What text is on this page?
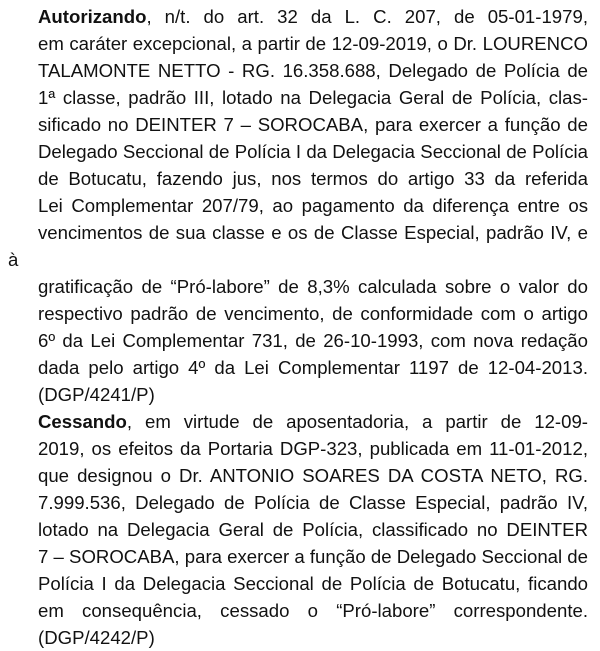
Autorizando, n/t. do art. 32 da L. C. 207, de 05-01-1979,
em caráter excepcional, a partir de 12-09-2019, o Dr. LOURENCO
TALAMONTE NETTO - RG. 16.358.688, Delegado de Polícia de
1ª classe, padrão III, lotado na Delegacia Geral de Polícia, clas-
sificado no DEINTER 7 – SOROCABA, para exercer a função de
Delegado Seccional de Polícia I da Delegacia Seccional de Polícia
de Botucatu, fazendo jus, nos termos do artigo 33 da referida
Lei Complementar 207/79, ao pagamento da diferença entre os
vencimentos de sua classe e os de Classe Especial, padrão IV, e à
gratificação de “Pró-labore” de 8,3% calculada sobre o valor do
respectivo padrão de vencimento, de conformidade com o artigo
6º da Lei Complementar 731, de 26-10-1993, com nova redação
dada pelo artigo 4º da Lei Complementar 1197 de 12-04-2013.
(DGP/4241/P)
Cessando, em virtude de aposentadoria, a partir de 12-09-
2019, os efeitos da Portaria DGP-323, publicada em 11-01-2012,
que designou o Dr. ANTONIO SOARES DA COSTA NETO, RG.
7.999.536, Delegado de Polícia de Classe Especial, padrão IV,
lotado na Delegacia Geral de Polícia, classificado no DEINTER
7 – SOROCABA, para exercer a função de Delegado Seccional de
Polícia I da Delegacia Seccional de Polícia de Botucatu, ficando
em consequência, cessado o “Pró-labore” correspondente.
(DGP/4242/P)
